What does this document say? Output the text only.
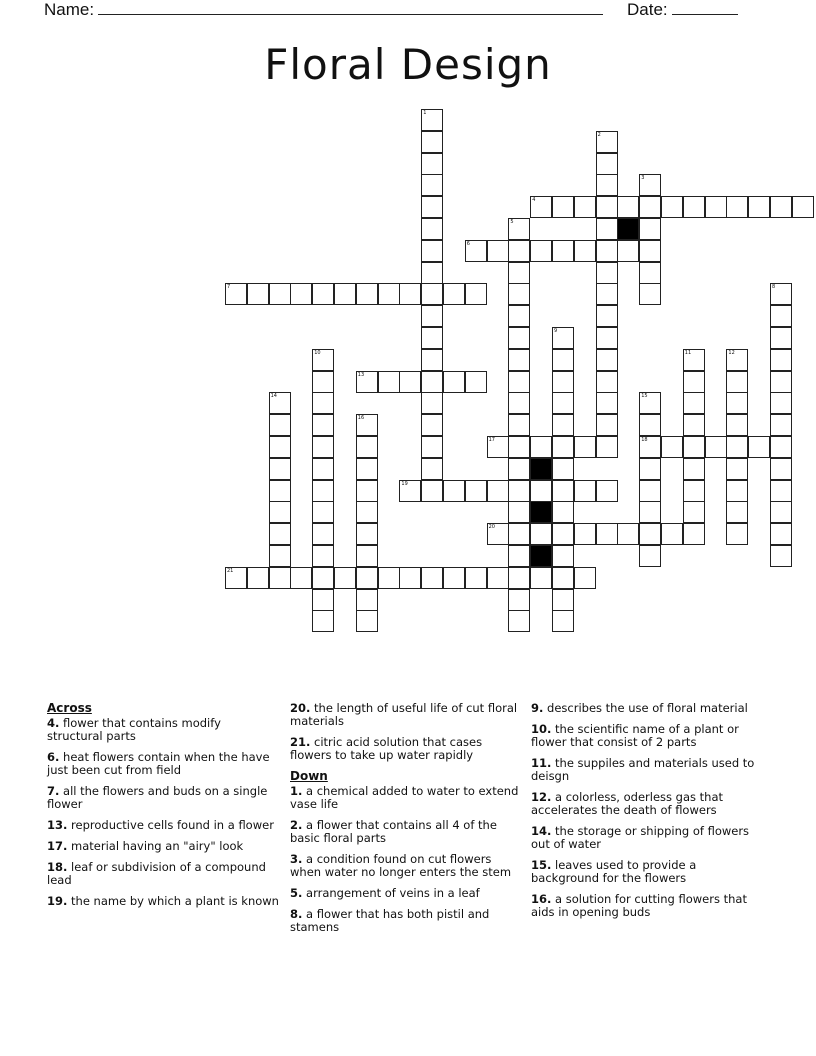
Name:	Date:
Floral Design
1
2
3
4
5
6
7	8
9
10	11	12
13
14	15
18
16
17
19
20
21
Across
4. flower that contains modify structural parts
6. heat flowers contain when the have just been cut from field
7. all the flowers and buds on a single flower
13. reproductive cells found in a flower
17. material having an "airy" look
18. leaf or subdivision of a compound lead
19. the name by which a plant is known
20. the length of useful life of cut floral materials
21. citric acid solution that cases flowers to take up water rapidly
Down
1. a chemical added to water to extend vase life
2. a flower that contains all 4 of the basic floral parts
3. a condition found on cut flowers when water no longer enters the stem
5. arrangement of veins in a leaf
8. a flower that has both pistil and stamens
9. describes the use of floral material
10. the scientific name of a plant or flower that consist of 2 parts
11. the suppiles and materials used to deisgn
12. a colorless, oderless gas that accelerates the death of flowers
14. the storage or shipping of flowers out of water
15. leaves used to provide a background for the flowers
16. a solution for cutting flowers that aids in opening buds
